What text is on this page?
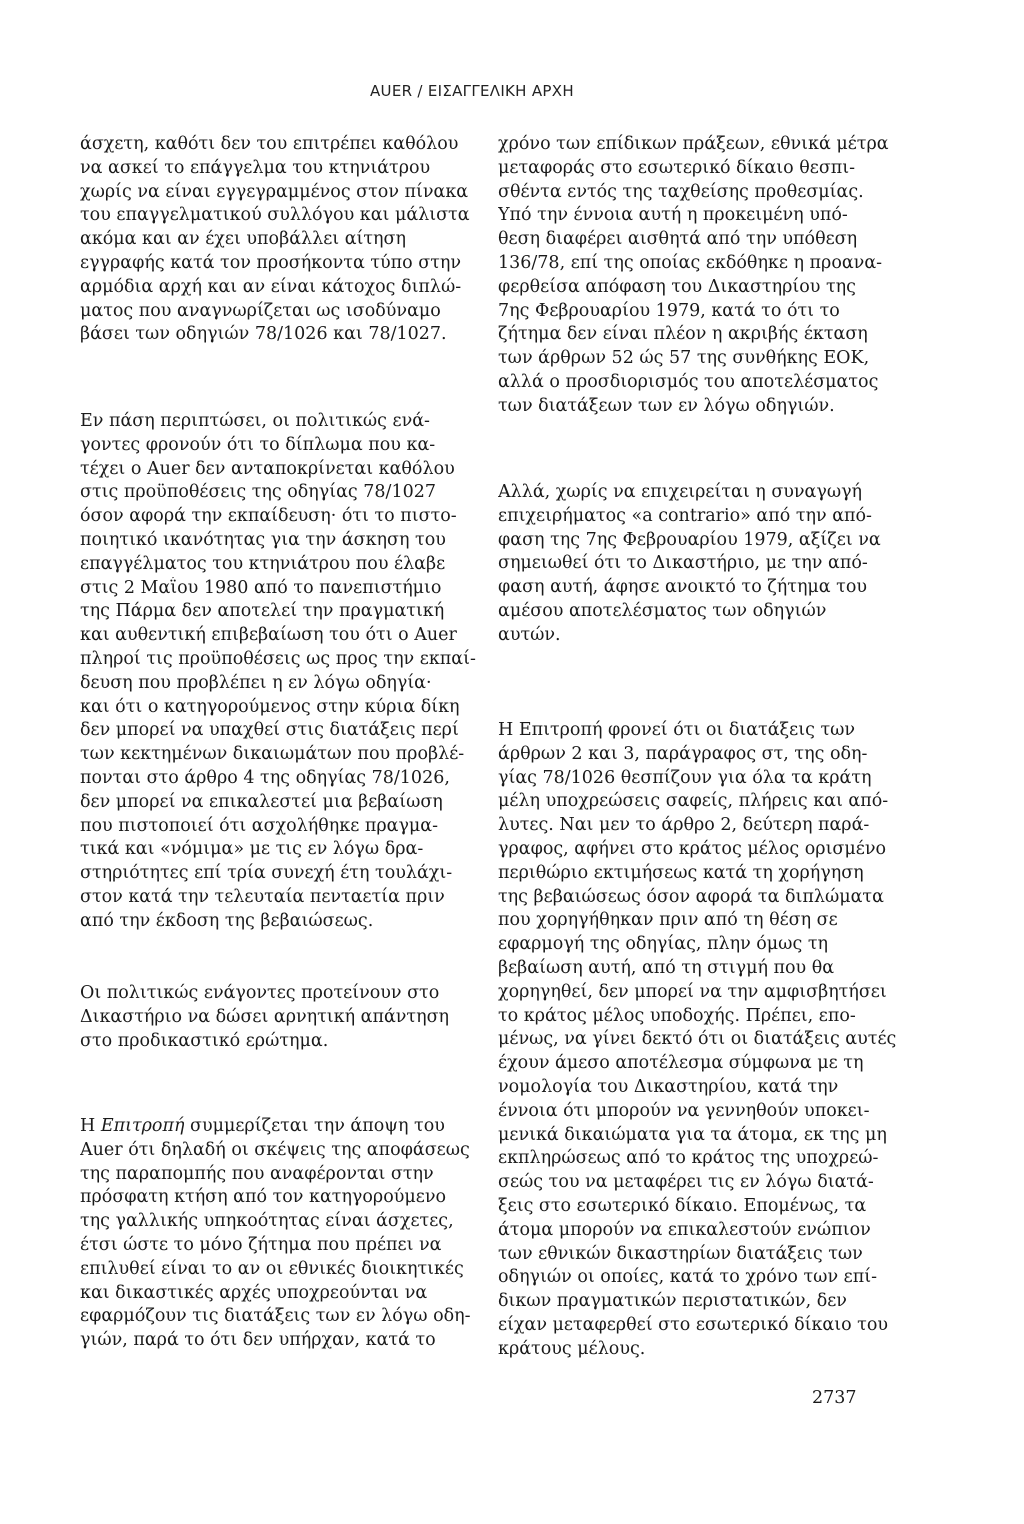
AUER / ΕΙΣΑΓΓΕΛΙΚΗ ΑΡΧΗ
άσχετη, καθότι δεν του επιτρέπει καθόλου
να ασκεί το επάγγελμα του κτηνιάτρου
χωρίς να είναι εγγεγραμμένος στον πίνακα
του επαγγελματικού συλλόγου και μάλιστα
ακόμα και αν έχει υποβάλλει αίτηση
εγγραφής κατά τον προσήκοντα τύπο στην
αρμόδια αρχή και αν είναι κάτοχος διπλώ-
ματος που αναγνωρίζεται ως ισοδύναμο
βάσει των οδηγιών 78/1026 και 78/1027.
Εν πάση περιπτώσει, οι πολιτικώς ενά-
γοντες φρονούν ότι το δίπλωμα που κα-
τέχει ο Auer δεν ανταποκρίνεται καθόλου
στις προϋποθέσεις της οδηγίας 78/1027
όσον αφορά την εκπαίδευση· ότι το πιστο-
ποιητικό ικανότητας για την άσκηση του
επαγγέλματος του κτηνιάτρου που έλαβε
στις 2 Μαΐου 1980 από το πανεπιστήμιο
της Πάρμα δεν αποτελεί την πραγματική
και αυθεντική επιβεβαίωση του ότι ο Auer
πληροί τις προϋποθέσεις ως προς την εκπαί-
δευση που προβλέπει η εν λόγω οδηγία·
και ότι ο κατηγορούμενος στην κύρια δίκη
δεν μπορεί να υπαχθεί στις διατάξεις περί
των κεκτημένων δικαιωμάτων που προβλέ-
πονται στο άρθρο 4 της οδηγίας 78/1026,
δεν μπορεί να επικαλεστεί μια βεβαίωση
που πιστοποιεί ότι ασχολήθηκε πραγμα-
τικά και «νόμιμα» με τις εν λόγω δρα-
στηριότητες επί τρία συνεχή έτη τουλάχι-
στον κατά την τελευταία πενταετία πριν
από την έκδοση της βεβαιώσεως.
Οι πολιτικώς ενάγοντες προτείνουν στο
Δικαστήριο να δώσει αρνητική απάντηση
στο προδικαστικό ερώτημα.
Η Επιτροπή συμμερίζεται την άποψη του
Auer ότι δηλαδή οι σκέψεις της αποφάσεως
της παραπομπής που αναφέρονται στην
πρόσφατη κτήση από τον κατηγορούμενο
της γαλλικής υπηκοότητας είναι άσχετες,
έτσι ώστε το μόνο ζήτημα που πρέπει να
επιλυθεί είναι το αν οι εθνικές διοικητικές
και δικαστικές αρχές υποχρεούνται να
εφαρμόζουν τις διατάξεις των εν λόγω οδη-
γιών, παρά το ότι δεν υπήρχαν, κατά το
χρόνο των επίδικων πράξεων, εθνικά μέτρα
μεταφοράς στο εσωτερικό δίκαιο θεσπι-
σθέντα εντός της ταχθείσης προθεσμίας.
Υπό την έννοια αυτή η προκειμένη υπό-
θεση διαφέρει αισθητά από την υπόθεση
136/78, επί της οποίας εκδόθηκε η προανα-
φερθείσα απόφαση του Δικαστηρίου της
7ης Φεβρουαρίου 1979, κατά το ότι το
ζήτημα δεν είναι πλέον η ακριβής έκταση
των άρθρων 52 ώς 57 της συνθήκης ΕΟΚ,
αλλά ο προσδιορισμός του αποτελέσματος
των διατάξεων των εν λόγω οδηγιών.
Αλλά, χωρίς να επιχειρείται η συναγωγή
επιχειρήματος «a contrario» από την από-
φαση της 7ης Φεβρουαρίου 1979, αξίζει να
σημειωθεί ότι το Δικαστήριο, με την από-
φαση αυτή, άφησε ανοικτό το ζήτημα του
αμέσου αποτελέσματος των οδηγιών
αυτών.
Η Επιτροπή φρονεί ότι οι διατάξεις των
άρθρων 2 και 3, παράγραφος στ, της οδη-
γίας 78/1026 θεσπίζουν για όλα τα κράτη
μέλη υποχρεώσεις σαφείς, πλήρεις και από-
λυτες. Ναι μεν το άρθρο 2, δεύτερη παρά-
γραφος, αφήνει στο κράτος μέλος ορισμένο
περιθώριο εκτιμήσεως κατά τη χορήγηση
της βεβαιώσεως όσον αφορά τα διπλώματα
που χορηγήθηκαν πριν από τη θέση σε
εφαρμογή της οδηγίας, πλην όμως τη
βεβαίωση αυτή, από τη στιγμή που θα
χορηγηθεί, δεν μπορεί να την αμφισβητήσει
το κράτος μέλος υποδοχής. Πρέπει, επο-
μένως, να γίνει δεκτό ότι οι διατάξεις αυτές
έχουν άμεσο αποτέλεσμα σύμφωνα με τη
νομολογία του Δικαστηρίου, κατά την
έννοια ότι μπορούν να γεννηθούν υποκει-
μενικά δικαιώματα για τα άτομα, εκ της μη
εκπληρώσεως από το κράτος της υποχρεώ-
σεώς του να μεταφέρει τις εν λόγω διατά-
ξεις στο εσωτερικό δίκαιο. Επομένως, τα
άτομα μπορούν να επικαλεστούν ενώπιον
των εθνικών δικαστηρίων διατάξεις των
οδηγιών οι οποίες, κατά το χρόνο των επί-
δικων πραγματικών περιστατικών, δεν
είχαν μεταφερθεί στο εσωτερικό δίκαιο του
κράτους μέλους.
2737
